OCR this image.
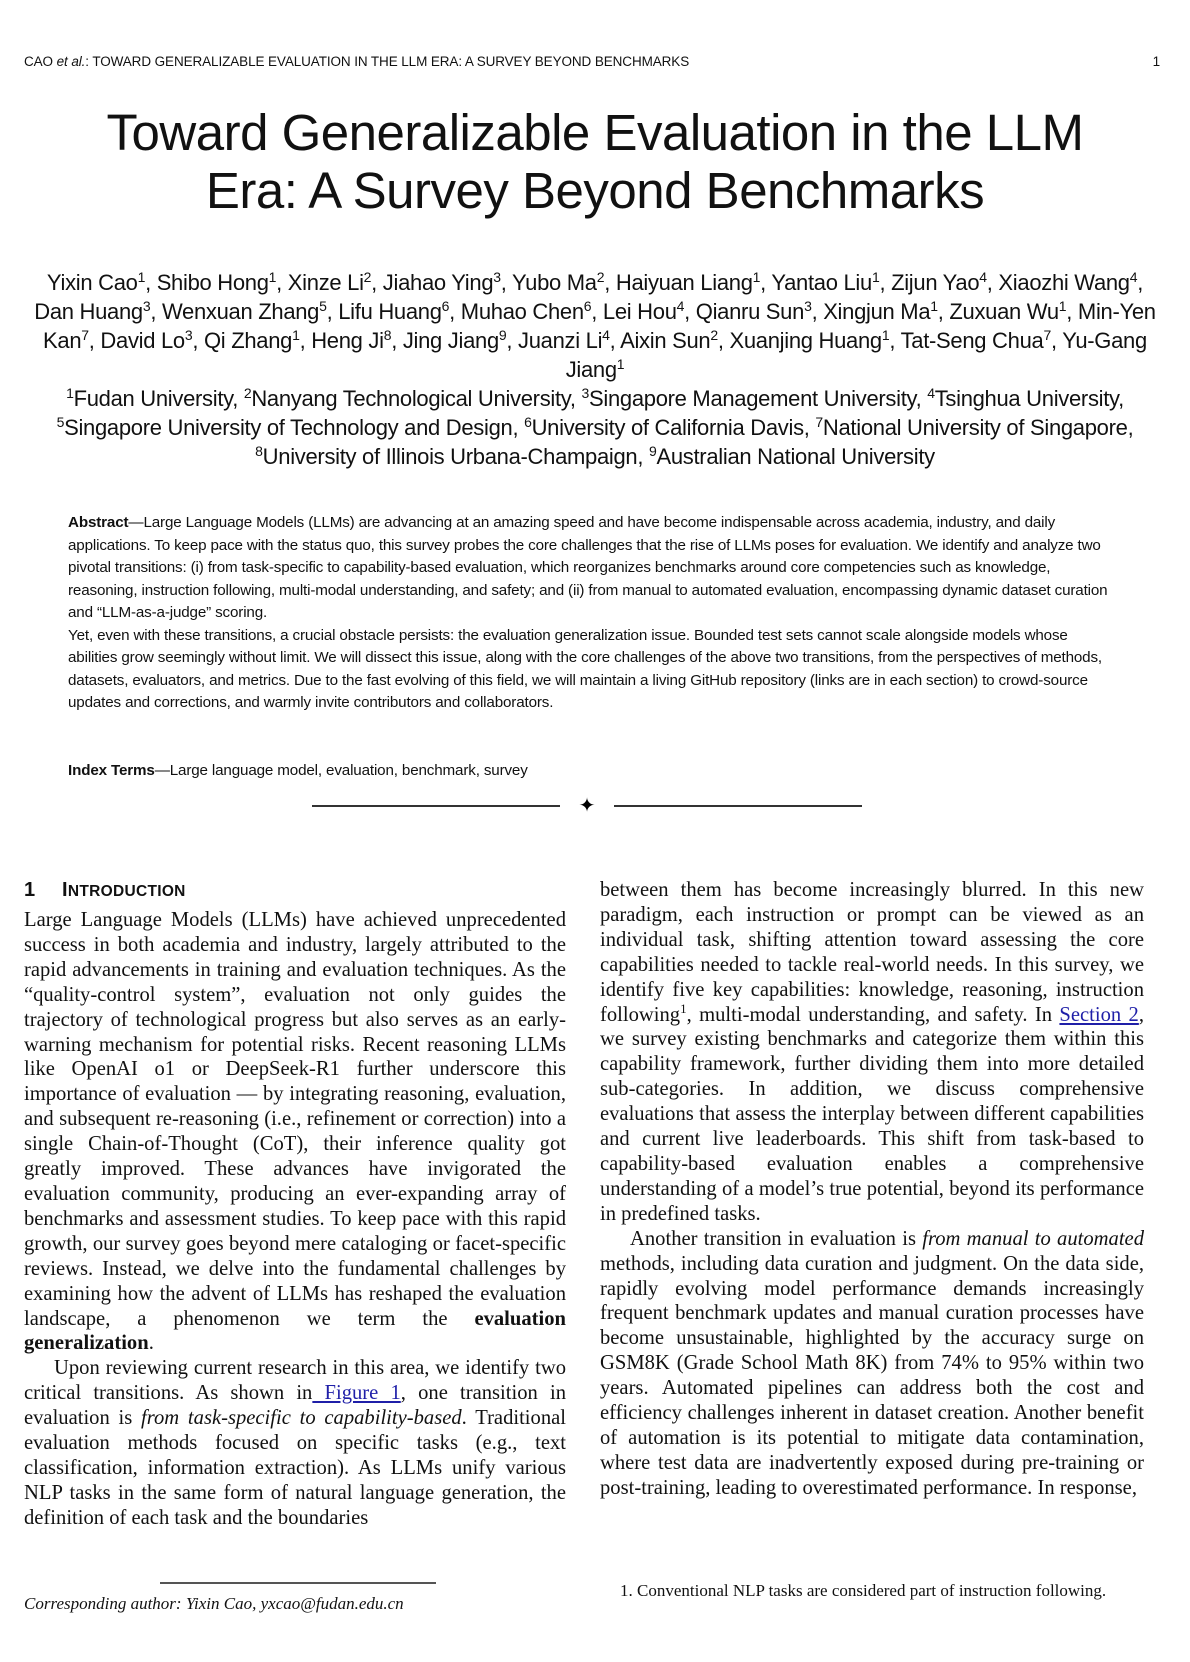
CAO et al.: TOWARD GENERALIZABLE EVALUATION IN THE LLM ERA: A SURVEY BEYOND BENCHMARKS	1
Toward Generalizable Evaluation in the LLM
Era: A Survey Beyond Benchmarks
Yixin Cao$^1$, Shibo Hong$^1$, Xinze Li$^2$, Jiahao Ying$^3$, Yubo Ma$^2$, Haiyuan Liang$^1$, Yantao Liu$^1$, Zijun Yao$^4$, Xiaozhi Wang$^4$, Dan Huang$^3$, Wenxuan Zhang$^5$, Lifu Huang$^6$, Muhao Chen$^6$, Lei Hou$^4$, Qianru Sun$^3$, Xingjun Ma$^1$, Zuxuan Wu$^1$, Min-Yen Kan$^7$, David Lo$^3$, Qi Zhang$^1$, Heng Ji$^8$, Jing Jiang$^9$, Juanzi Li$^4$, Aixin Sun$^2$, Xuanjing Huang$^1$, Tat-Seng Chua$^7$, Yu-Gang Jiang$^1$
$^1$Fudan University, $^2$Nanyang Technological University, $^3$Singapore Management University, $^4$Tsinghua University, $^5$Singapore University of Technology and Design, $^6$University of California Davis, $^7$National University of Singapore, $^8$University of Illinois Urbana-Champaign, $^9$Australian National University

Abstract—Large Language Models (LLMs) are advancing at an amazing speed and have become indispensable across academia, industry, and daily applications. To keep pace with the status quo, this survey probes the core challenges that the rise of LLMs poses for evaluation. We identify and analyze two pivotal transitions: (i) from task-specific to capability-based evaluation, which reorganizes benchmarks around core competencies such as knowledge, reasoning, instruction following, multi-modal understanding, and safety; and (ii) from manual to automated evaluation, encompassing dynamic dataset curation and “LLM-as-a-judge” scoring.

Yet, even with these transitions, a crucial obstacle persists: the evaluation generalization issue. Bounded test sets cannot scale alongside models whose abilities grow seemingly without limit. We will dissect this issue, along with the core challenges of the above two transitions, from the perspectives of methods, datasets, evaluators, and metrics. Due to the fast evolving of this field, we will maintain a living GitHub repository (links are in each section) to crowd-source updates and corrections, and warmly invite contributors and collaborators.

Index Terms—Large language model, evaluation, benchmark, survey
✦
1 INTRODUCTION

Large Language Models (LLMs) have achieved unprecedented success in both academia and industry, largely attributed to the rapid advancements in training and evaluation techniques. As the “quality-control system”, evaluation not only guides the trajectory of technological progress but also serves as an early-warning mechanism for potential risks. Recent reasoning LLMs like OpenAI o1 or DeepSeek-R1 further underscore this importance of evaluation — by integrating reasoning, evaluation, and subsequent re-reasoning (i.e., refinement or correction) into a single Chain-of-Thought (CoT), their inference quality got greatly improved. These advances have invigorated the evaluation community, producing an ever-expanding array of benchmarks and assessment studies. To keep pace with this rapid growth, our survey goes beyond mere cataloging or facet-specific reviews. Instead, we delve into the fundamental challenges by examining how the advent of LLMs has reshaped the evaluation landscape, a phenomenon we term the evaluation generalization.

Upon reviewing current research in this area, we identify two critical transitions. As shown in Figure 1, one transition in evaluation is from task-specific to capability-based. Traditional evaluation methods focused on specific tasks (e.g., text classification, information extraction). As LLMs unify various NLP tasks in the same form of natural language generation, the definition of each task and the boundaries

between them has become increasingly blurred. In this new paradigm, each instruction or prompt can be viewed as an individual task, shifting attention toward assessing the core capabilities needed to tackle real-world needs. In this survey, we identify five key capabilities: knowledge, reasoning, instruction following$^1$, multi-modal understanding, and safety. In Section 2, we survey existing benchmarks and categorize them within this capability framework, further dividing them into more detailed sub-categories. In addition, we discuss comprehensive evaluations that assess the interplay between different capabilities and current live leaderboards. This shift from task-based to capability-based evaluation enables a comprehensive understanding of a model’s true potential, beyond its performance in predefined tasks.

Another transition in evaluation is from manual to automated methods, including data curation and judgment. On the data side, rapidly evolving model performance demands increasingly frequent benchmark updates and manual curation processes have become unsustainable, highlighted by the accuracy surge on GSM8K (Grade School Math 8K) from 74% to 95% within two years. Automated pipelines can address both the cost and efficiency challenges inherent in dataset creation. Another benefit of automation is its potential to mitigate data contamination, where test data are inadvertently exposed during pre-training or post-training, leading to overestimated performance. In response,

Corresponding author: Yixin Cao, yxcao@fudan.edu.cn

1. Conventional NLP tasks are considered part of instruction following.
